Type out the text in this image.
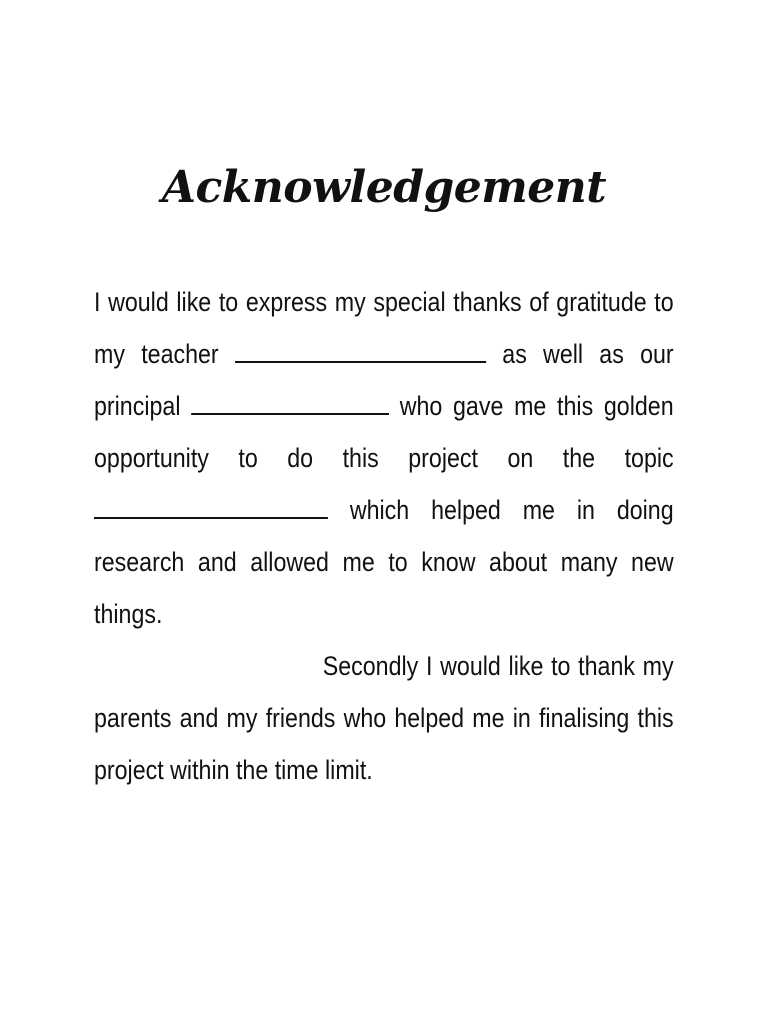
Acknowledgement

I would like to express my special thanks of gratitude to my teacher	as well as our principal	who gave me this golden opportunity to do this project on the topic  which helped me in doing research and allowed me to know about many new things.

Secondly I would like to thank my parents and my friends who helped me in finalising this project within the time limit.
